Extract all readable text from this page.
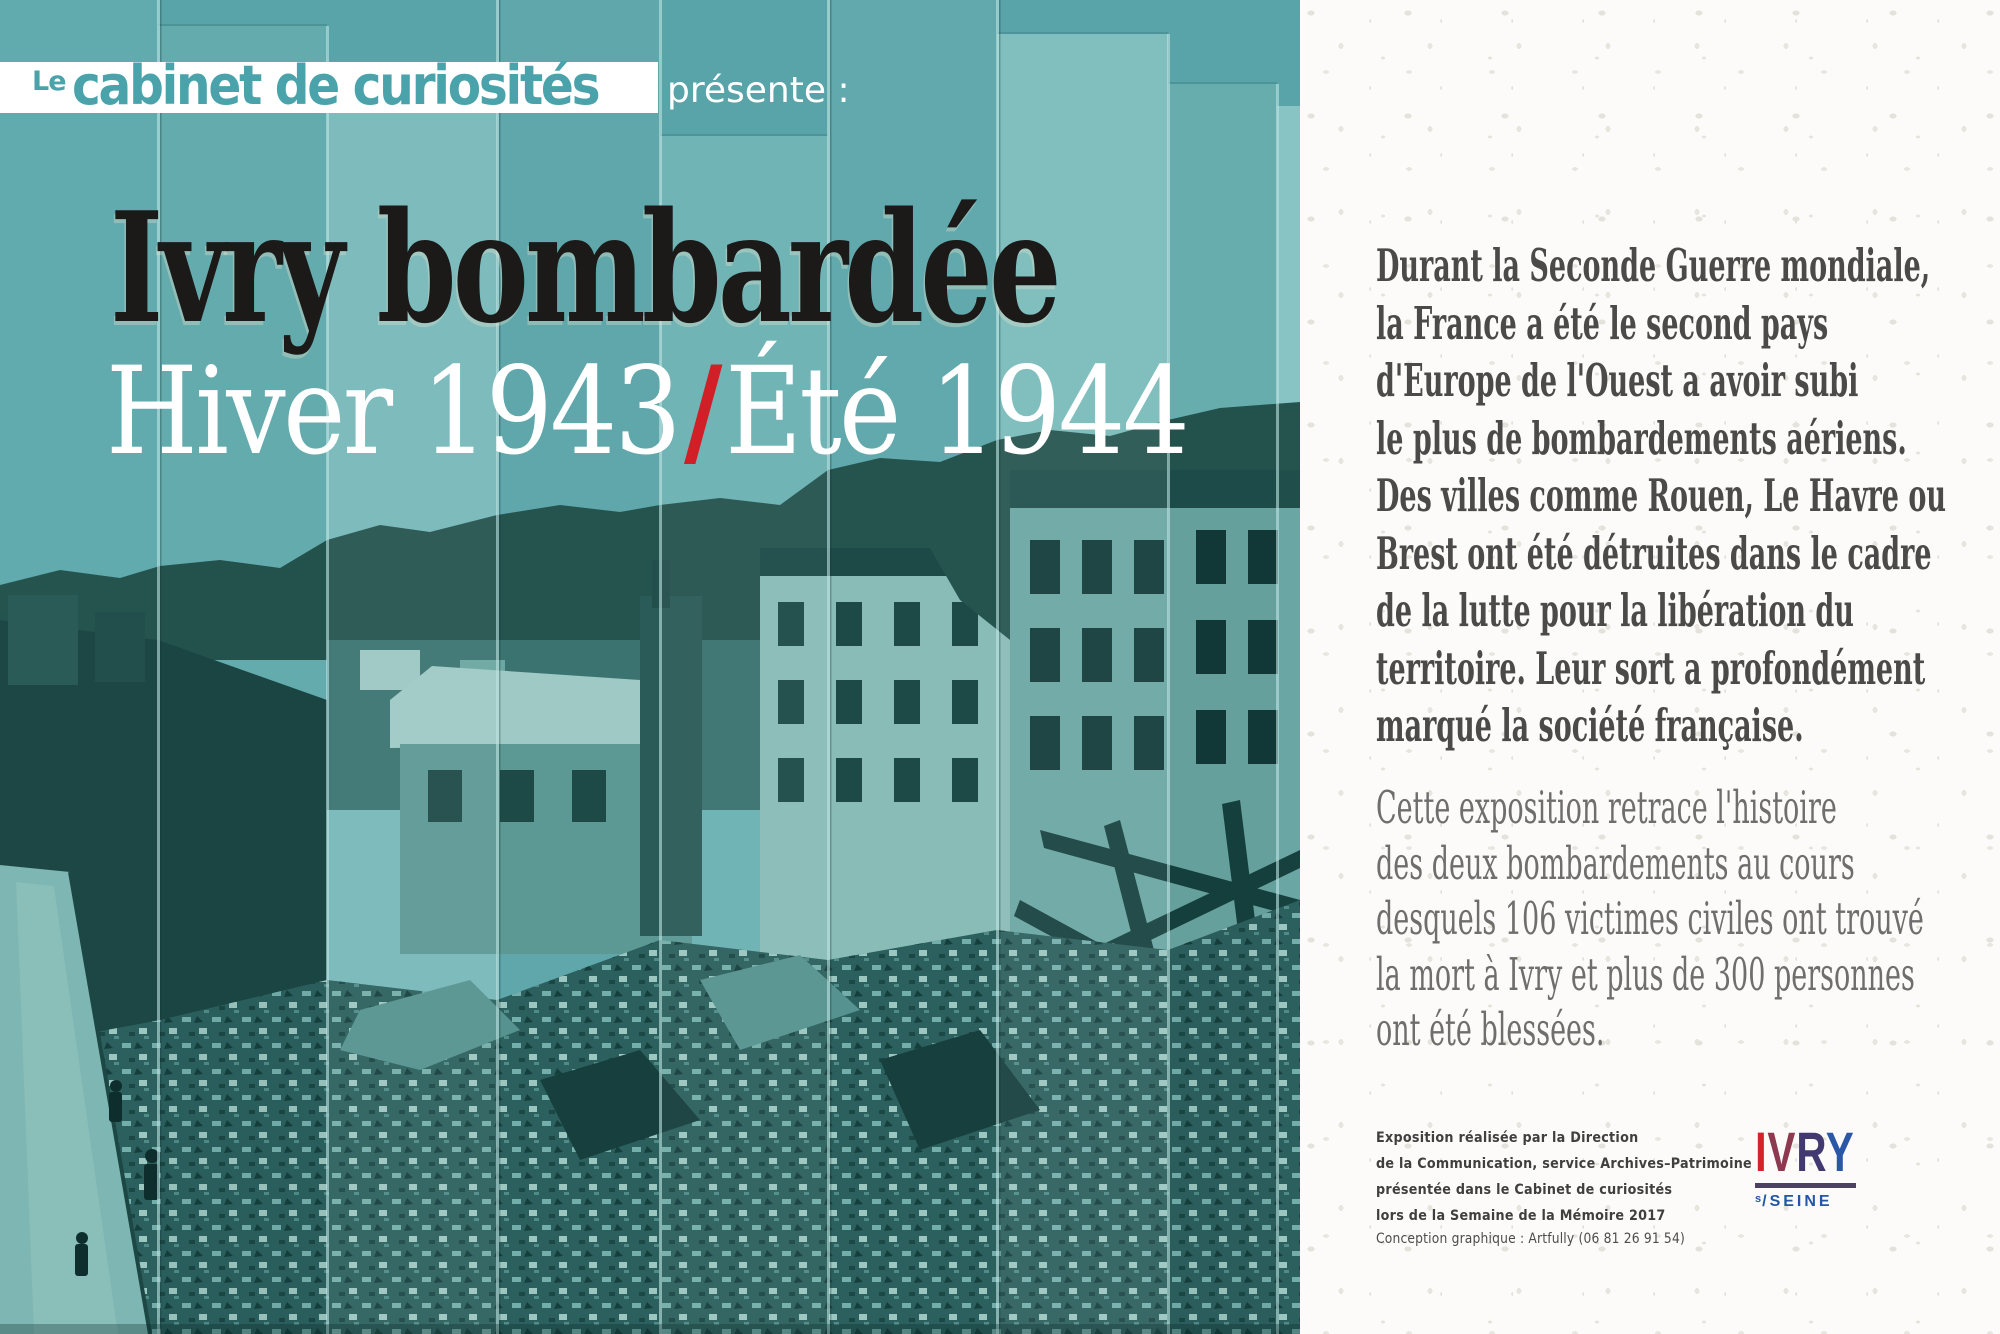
Le cabinet de curiosités présente :
Ivry bombardée
Hiver 1943/Été 1944
Durant la Seconde Guerre mondiale,
la France a été le second pays
d'Europe de l'Ouest a avoir subi
le plus de bombardements aériens.
Des villes comme Rouen, Le Havre ou
Brest ont été détruites dans le cadre
de la lutte pour la libération du
territoire. Leur sort a profondément
marqué la société française.
Cette exposition retrace l'histoire
des deux bombardements au cours
desquels 106 victimes civiles ont trouvé
la mort à Ivry et plus de 300 personnes
ont été blessées.
Exposition réalisée par la Direction
de la Communication, service Archives–Patrimoine
présentée dans le Cabinet de curiosités
lors de la Semaine de la Mémoire 2017
Conception graphique : Artfully (06 81 26 91 54)
IVRY
$^s$/SEINE
